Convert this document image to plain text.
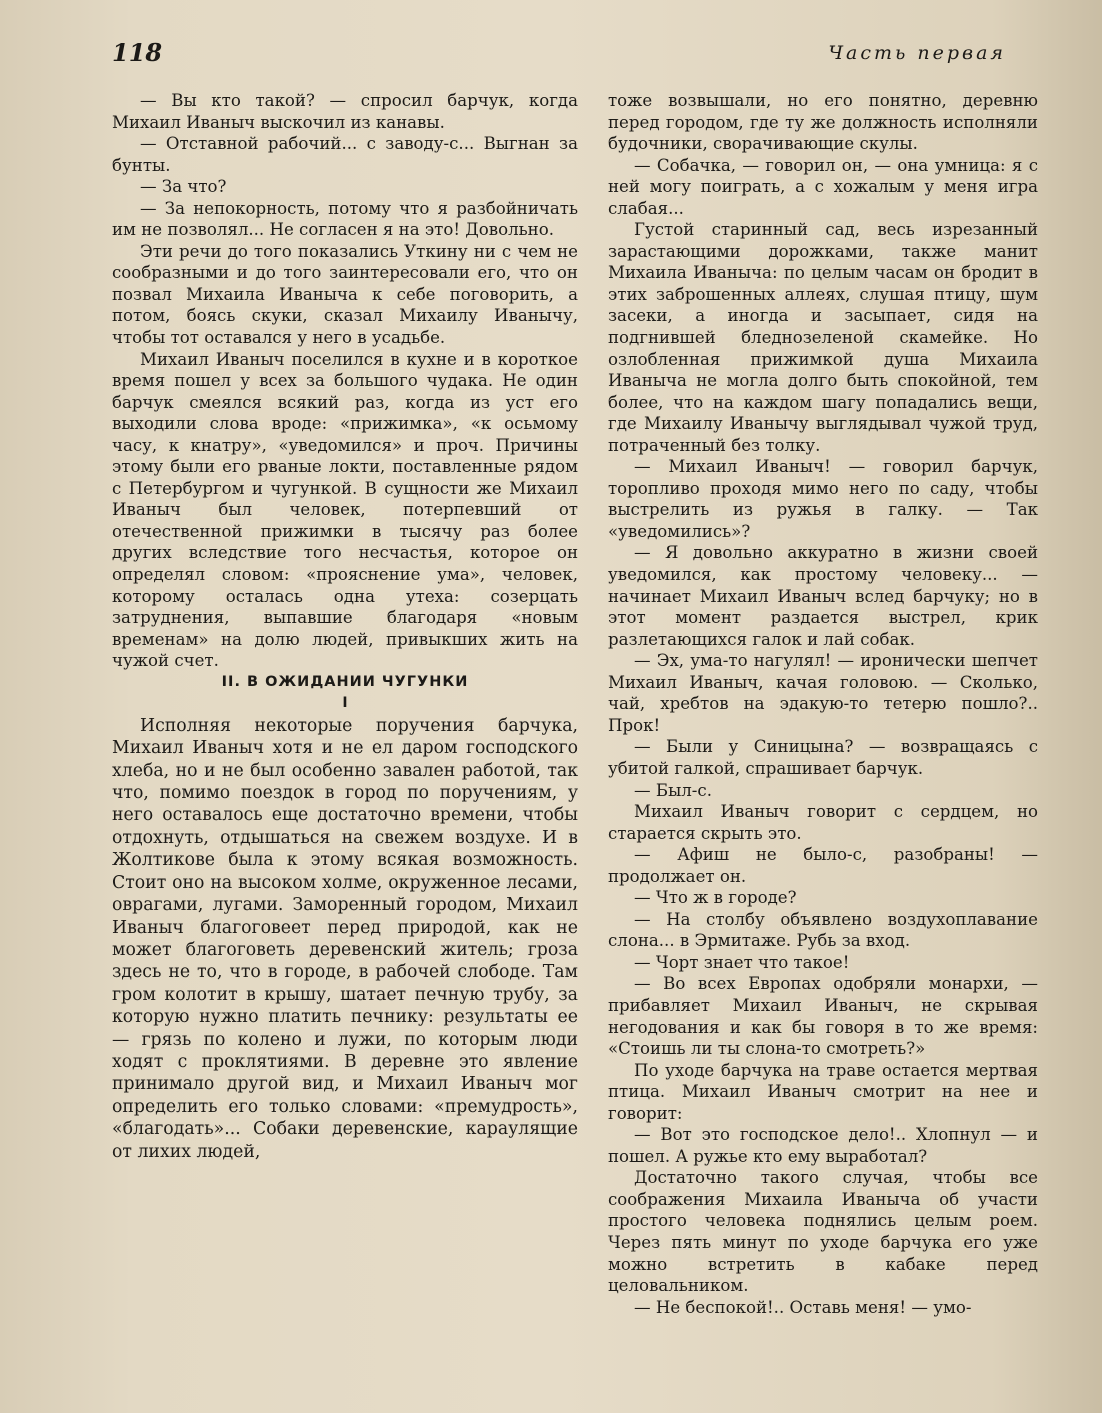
118	Часть первая

— Вы кто такой? — спросил барчук, когда Михаил Иваныч выскочил из канавы.

— Отставной рабочий... с заводу-с... Выгнан за бунты.

— За что?

— За непокорность, потому что я разбойничать им не позволял... Не согласен я на это! Довольно.

Эти речи до того показались Уткину ни с чем не сообразными и до того заинтересовали его, что он позвал Михаила Иваныча к себе поговорить, а потом, боясь скуки, сказал Михаилу Иванычу, чтобы тот оставался у него в усадьбе.

Михаил Иваныч поселился в кухне и в короткое время пошел у всех за большого чудака. Не один барчук смеялся всякий раз, когда из уст его выходили слова вроде: «прижимка», «к осьмому часу, к кнатру», «уведомился» и проч. Причины этому были его рваные локти, поставленные рядом с Петербургом и чугункой. В сущности же Михаил Иваныч был человек, потерпевший от отечественной прижимки в тысячу раз более других вследствие того несчастья, которое он определял словом: «прояснение ума», человек, которому осталась одна утеха: созерцать затруднения, выпавшие благодаря «новым временам» на долю людей, привыкших жить на чужой счет.

II. В ОЖИДАНИИ ЧУГУНКИ

I

Исполняя некоторые поручения барчука, Михаил Иваныч хотя и не ел даром господского хлеба, но и не был особенно завален работой, так что, помимо поездок в город по поручениям, у него оставалось еще достаточно времени, чтобы отдохнуть, отдышаться на свежем воздухе. И в Жолтикове была к этому всякая возможность. Стоит оно на высоком холме, окруженное лесами, оврагами, лугами. Заморенный городом, Михаил Иваныч благоговеет перед природой, как не может благоговеть деревенский житель; гроза здесь не то, что в городе, в рабочей слободе. Там гром колотит в крышу, шатает печную трубу, за которую нужно платить печнику: результаты ее — грязь по колено и лужи, по которым люди ходят с проклятиями. В деревне это явление принимало другой вид, и Михаил Иваныч мог определить его только словами: «премудрость», «благодать»... Собаки деревенские, караулящие от лихих людей,

тоже возвышали, но его понятно, деревню перед городом, где ту же должность исполняли будочники, сворачивающие скулы.

— Собачка, — говорил он, — она умница: я с ней могу поиграть, а с хожалым у меня игра слабая...

Густой старинный сад, весь изрезанный зарастающими дорожками, также манит Михаила Иваныча: по целым часам он бродит в этих заброшенных аллеях, слушая птицу, шум засеки, а иногда и засыпает, сидя на подгнившей бледнозеленой скамейке. Но озлобленная прижимкой душа Михаила Иваныча не могла долго быть спокойной, тем более, что на каждом шагу попадались вещи, где Михаилу Иванычу выглядывал чужой труд, потраченный без толку.

— Михаил Иваныч! — говорил барчук, торопливо проходя мимо него по саду, чтобы выстрелить из ружья в галку. — Так «уведомились»?

— Я довольно аккуратно в жизни своей уведомился, как простому человеку... — начинает Михаил Иваныч вслед барчуку; но в этот момент раздается выстрел, крик разлетающихся галок и лай собак.

— Эх, ума-то нагулял! — иронически шепчет Михаил Иваныч, качая головою. — Сколько, чай, хребтов на эдакую-то тетерю пошло?.. Прок!

— Были у Синицына? — возвращаясь с убитой галкой, спрашивает барчук.

— Был-с.

Михаил Иваныч говорит с сердцем, но старается скрыть это.

— Афиш не было-с, разобраны! — продолжает он.

— Что ж в городе?

— На столбу объявлено воздухоплавание слона... в Эрмитаже. Рубь за вход.

— Чорт знает что такое!

— Во всех Европах одобряли монархи, — прибавляет Михаил Иваныч, не скрывая негодования и как бы говоря в то же время: «Стоишь ли ты слона-то смотреть?»

По уходе барчука на траве остается мертвая птица. Михаил Иваныч смотрит на нее и говорит:

— Вот это господское дело!.. Хлопнул — и пошел. А ружье кто ему выработал?

Достаточно такого случая, чтобы все соображения Михаила Иваныча об участи простого человека поднялись целым роем. Через пять минут по уходе барчука его уже можно встретить в кабаке перед целовальником.

— Не беспокой!.. Оставь меня! — умо-
